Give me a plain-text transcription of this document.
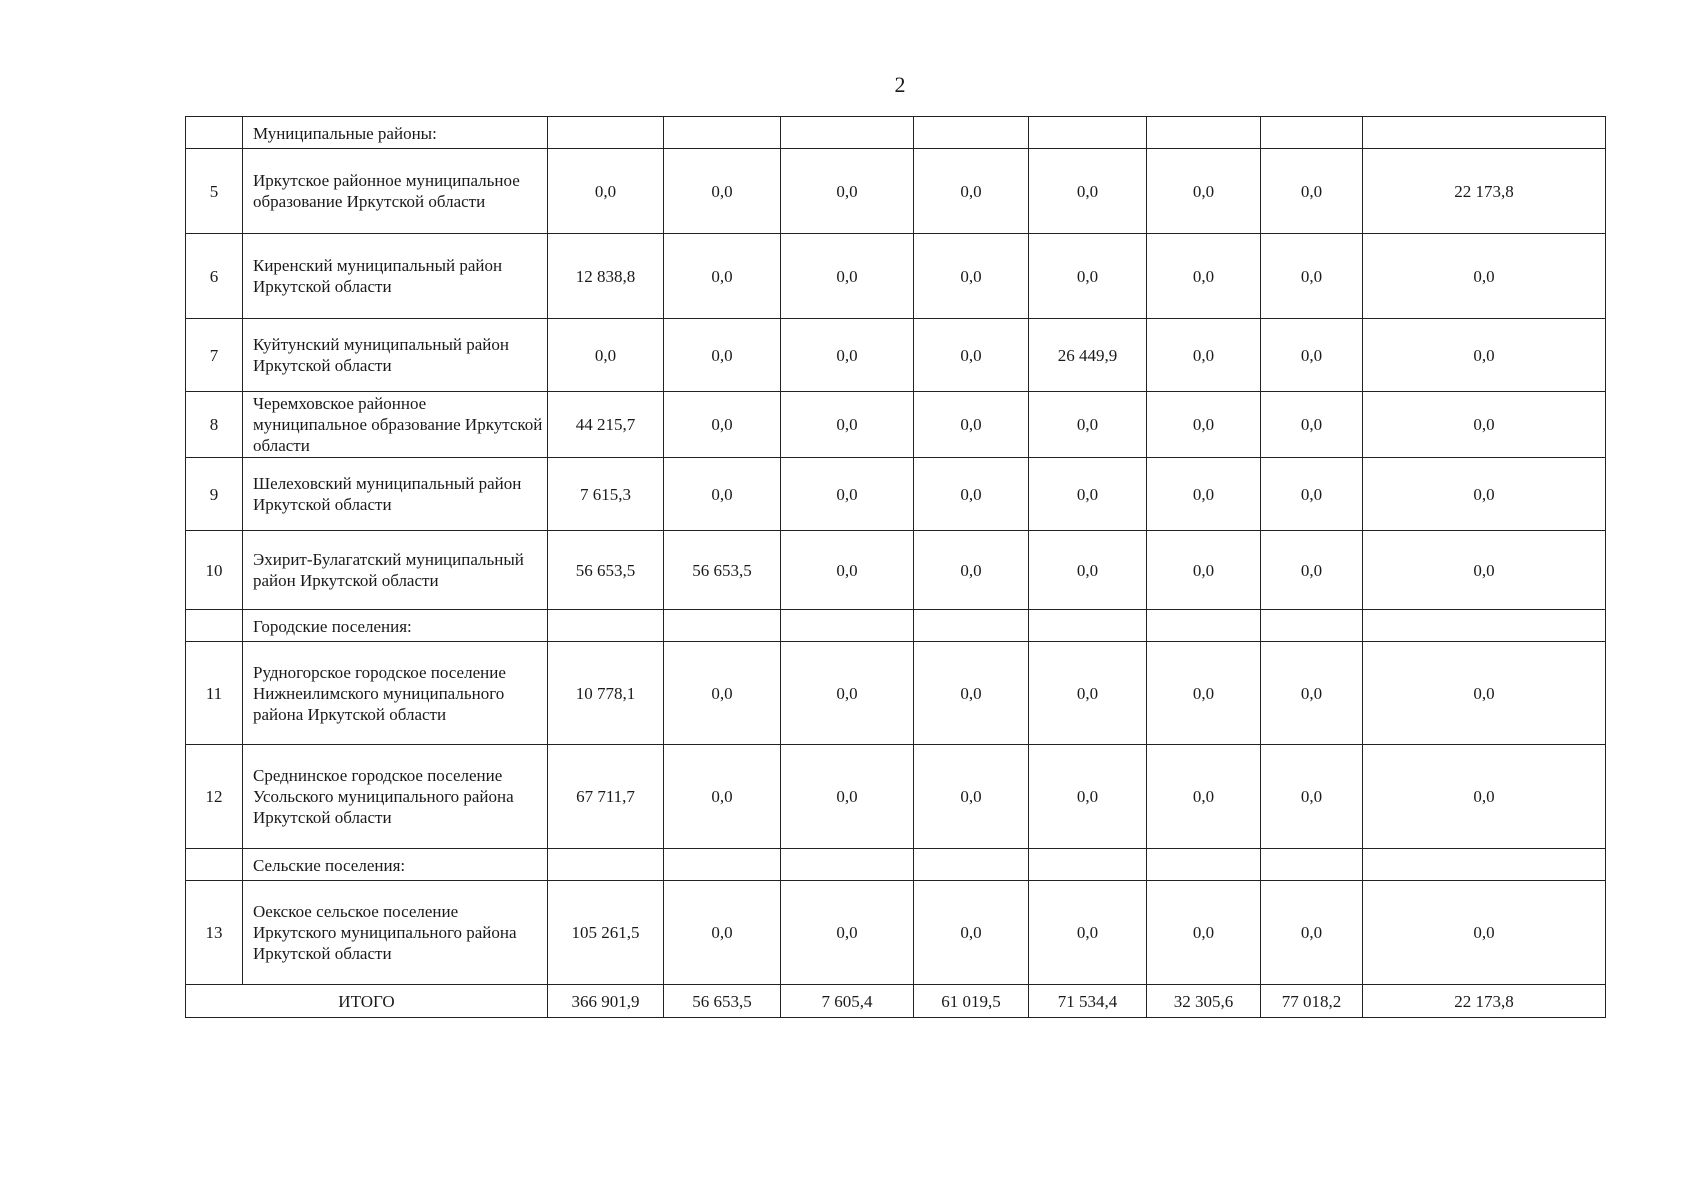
2
	Муниципальные районы:								
5	Иркутское районное муниципальное образование Иркутской области	0,0	0,0	0,0	0,0	0,0	0,0	0,0	22 173,8
6	Киренский муниципальный район Иркутской области	12 838,8	0,0	0,0	0,0	0,0	0,0	0,0	0,0
7	Куйтунский муниципальный район Иркутской области	0,0	0,0	0,0	0,0	26 449,9	0,0	0,0	0,0
8	Черемховское районное муниципальное образование Иркутской области	44 215,7	0,0	0,0	0,0	0,0	0,0	0,0	0,0
9	Шелеховский муниципальный район Иркутской области	7 615,3	0,0	0,0	0,0	0,0	0,0	0,0	0,0
10	Эхирит-Булагатский муниципальный район Иркутской области	56 653,5	56 653,5	0,0	0,0	0,0	0,0	0,0	0,0
	Городские поселения:								
11	Рудногорское городское поселение Нижнеилимского муниципального района Иркутской области	10 778,1	0,0	0,0	0,0	0,0	0,0	0,0	0,0
12	Среднинское городское поселение Усольского муниципального района Иркутской области	67 711,7	0,0	0,0	0,0	0,0	0,0	0,0	0,0
	Сельские поселения:								
13	Оекское сельское поселение Иркутского муниципального района Иркутской области	105 261,5	0,0	0,0	0,0	0,0	0,0	0,0	0,0
ИТОГО		366 901,9	56 653,5	7 605,4	61 019,5	71 534,4	32 305,6	77 018,2	22 173,8
